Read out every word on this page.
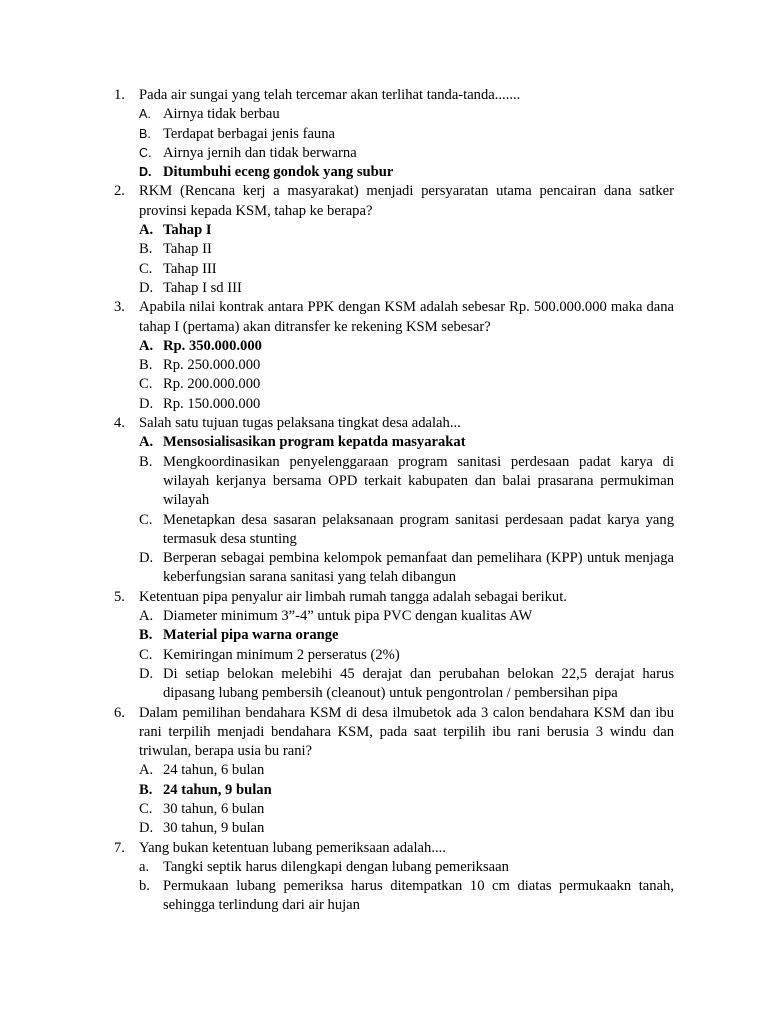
1. Pada air sungai yang telah tercemar akan terlihat tanda-tanda.......
A. Airnya tidak berbau
B. Terdapat berbagai jenis fauna
C. Airnya jernih dan tidak berwarna
D. Ditumbuhi eceng gondok yang subur
2. RKM (Rencana kerj a masyarakat) menjadi persyaratan utama pencairan dana satker provinsi kepada KSM, tahap ke berapa?
A. Tahap I
B. Tahap II
C. Tahap III
D. Tahap I sd III
3. Apabila nilai kontrak antara PPK dengan KSM adalah sebesar Rp. 500.000.000 maka dana tahap I (pertama) akan ditransfer ke rekening KSM sebesar?
A. Rp. 350.000.000
B. Rp. 250.000.000
C. Rp. 200.000.000
D. Rp. 150.000.000
4. Salah satu tujuan tugas pelaksana tingkat desa adalah...
A. Mensosialisasikan program kepatda masyarakat
B. Mengkoordinasikan penyelenggaraan program sanitasi perdesaan padat karya di wilayah kerjanya bersama OPD terkait kabupaten dan balai prasarana permukiman wilayah
C. Menetapkan desa sasaran pelaksanaan program sanitasi perdesaan padat karya yang termasuk desa stunting
D. Berperan sebagai pembina kelompok pemanfaat dan pemelihara (KPP) untuk menjaga keberfungsian sarana sanitasi yang telah dibangun
5. Ketentuan pipa penyalur air limbah rumah tangga adalah sebagai berikut.
A. Diameter minimum 3”-4” untuk pipa PVC dengan kualitas AW
B. Material pipa warna orange
C. Kemiringan minimum 2 perseratus (2%)
D. Di setiap belokan melebihi 45 derajat dan perubahan belokan 22,5 derajat harus dipasang lubang pembersih (cleanout) untuk pengontrolan / pembersihan pipa
6. Dalam pemilihan bendahara KSM di desa ilmubetok ada 3 calon bendahara KSM dan ibu rani terpilih menjadi bendahara KSM, pada saat terpilih ibu rani berusia 3 windu dan triwulan, berapa usia bu rani?
A. 24 tahun, 6 bulan
B. 24 tahun, 9 bulan
C. 30 tahun, 6 bulan
D. 30 tahun, 9 bulan
7. Yang bukan ketentuan lubang pemeriksaan adalah....
a. Tangki septik harus dilengkapi dengan lubang pemeriksaan
b. Permukaan lubang pemeriksa harus ditempatkan 10 cm diatas permukaakn tanah, sehingga terlindung dari air hujan
